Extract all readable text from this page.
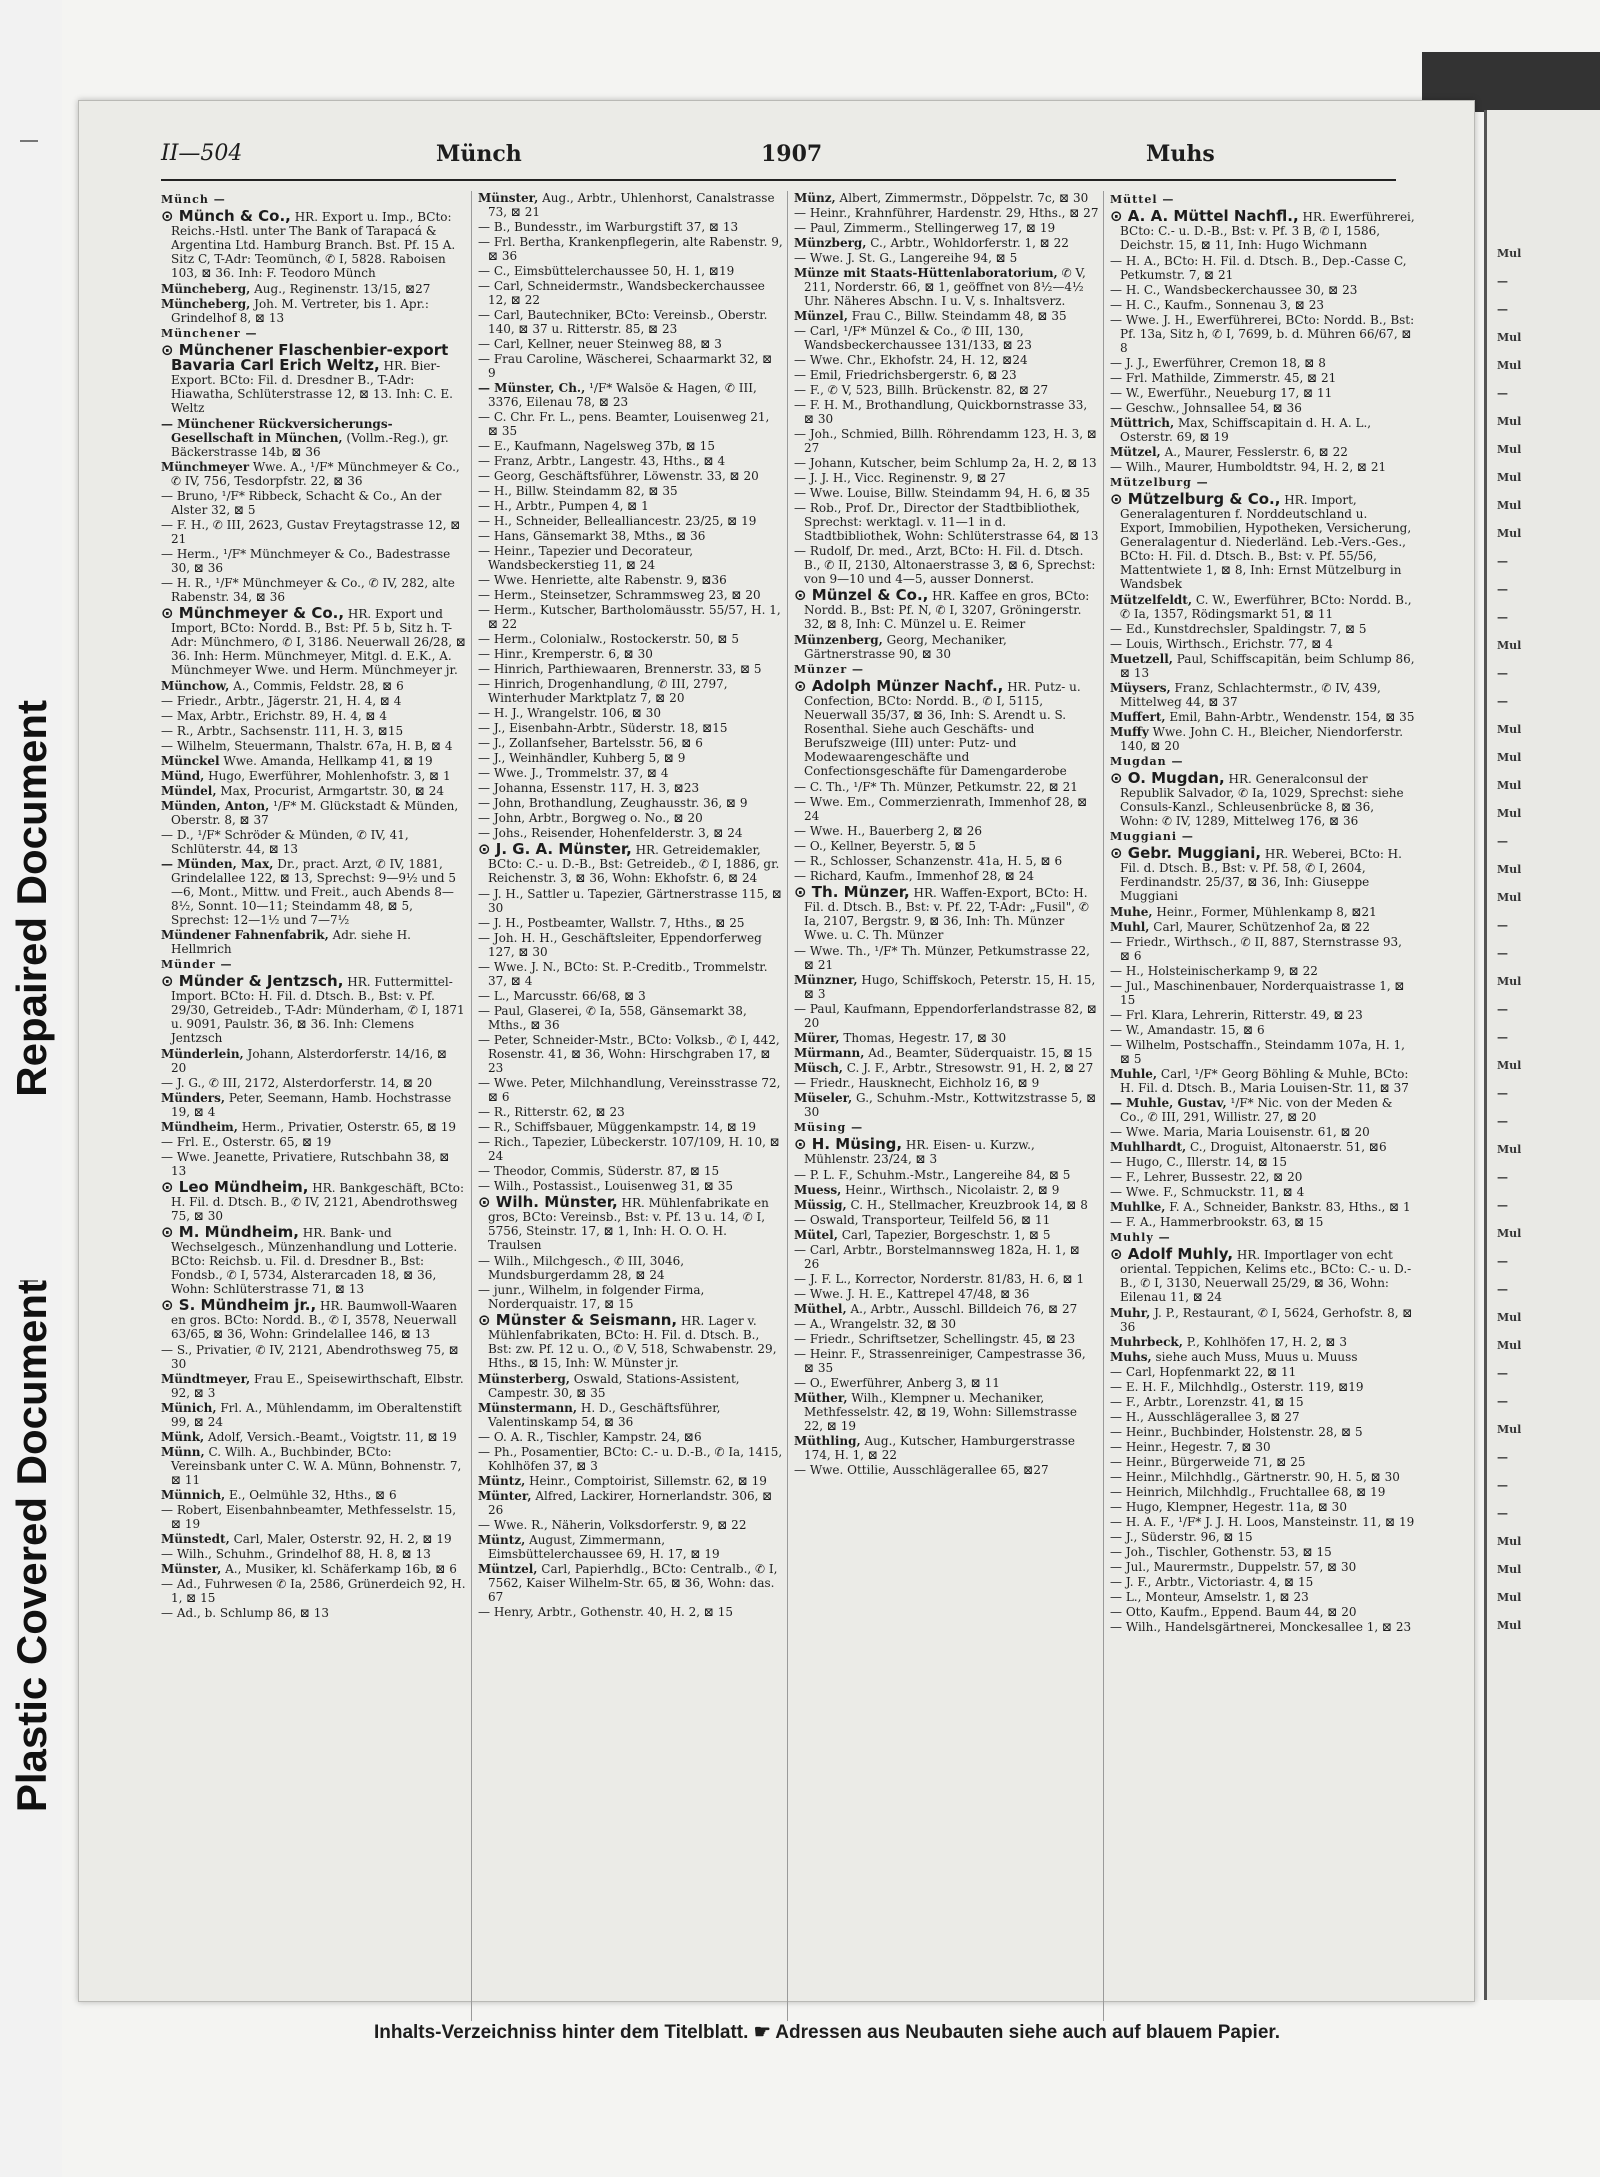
Repaired Document
Plastic Covered Document
II—504	Münch	1907	Muhs
Münch —
⊙ Münch & Co., HR. Export u. Imp., BCto: Reichs.-Hstl. unter The Bank of Tarapacá & Argentina Ltd. Hamburg Branch. Bst. Pf. 15 A. Sitz C, T-Adr: Teomünch, ✆ I, 5828. Raboisen 103, ⊠ 36. Inh: F. Teodoro Münch
Müncheberg, Aug., Reginenstr. 13/15, ⊠27
Müncheberg, Joh. M. Vertreter, bis 1. Apr.: Grindelhof 8, ⊠ 13
Münchener —
⊙ Münchener Flaschenbier-export Bavaria Carl Erich Weltz, HR. Bier-Export. BCto: Fil. d. Dresdner B., T-Adr: Hiawatha, Schlüterstrasse 12, ⊠ 13. Inh: C. E. Weltz
— Münchener Rückversicherungs-Gesellschaft in München, (Vollm.-Reg.), gr. Bäckerstrasse 14b, ⊠ 36
Münchmeyer Wwe. A., ¹/F* Münchmeyer & Co., ✆ IV, 756, Tesdorpfstr. 22, ⊠ 36
— Bruno, ¹/F* Ribbeck, Schacht & Co., An der Alster 32, ⊠ 5
— F. H., ✆ III, 2623, Gustav Freytagstrasse 12, ⊠ 21
— Herm., ¹/F* Münchmeyer & Co., Badestrasse 30, ⊠ 36
— H. R., ¹/F* Münchmeyer & Co., ✆ IV, 282, alte Rabenstr. 34, ⊠ 36
⊙ Münchmeyer & Co., HR. Export und Import, BCto: Nordd. B., Bst: Pf. 5 b, Sitz h. T-Adr: Münchmero, ✆ I, 3186. Neuerwall 26/28, ⊠ 36. Inh: Herm. Münchmeyer, Mitgl. d. E.K., A. Münchmeyer Wwe. und Herm. Münchmeyer jr.
Münchow, A., Commis, Feldstr. 28, ⊠ 6
— Friedr., Arbtr., Jägerstr. 21, H. 4, ⊠ 4
— Max, Arbtr., Erichstr. 89, H. 4, ⊠ 4
— R., Arbtr., Sachsenstr. 111, H. 3, ⊠15
— Wilhelm, Steuermann, Thalstr. 67a, H. B, ⊠ 4
Münckel Wwe. Amanda, Hellkamp 41, ⊠ 19
Münd, Hugo, Ewerführer, Mohlenhofstr. 3, ⊠ 1
Mündel, Max, Procurist, Armgartstr. 30, ⊠ 24
Münden, Anton, ¹/F* M. Glückstadt & Münden, Oberstr. 8, ⊠ 37
— D., ¹/F* Schröder & Münden, ✆ IV, 41, Schlüterstr. 44, ⊠ 13
— Münden, Max, Dr., pract. Arzt, ✆ IV, 1881, Grindelallee 122, ⊠ 13, Sprechst: 9—9½ und 5—6, Mont., Mittw. und Freit., auch Abends 8—8½, Sonnt. 10—11; Steindamm 48, ⊠ 5, Sprechst: 12—1½ und 7—7½
Mündener Fahnenfabrik, Adr. siehe H. Hellmrich
Münder —
⊙ Münder & Jentzsch, HR. Futtermittel-Import. BCto: H. Fil. d. Dtsch. B., Bst: v. Pf. 29/30, Getreidеb., T-Adr: Münderham, ✆ I, 1871 u. 9091, Paulstr. 36, ⊠ 36. Inh: Clemens Jentzsch
Münderlein, Johann, Alsterdorferstr. 14/16, ⊠ 20
— J. G., ✆ III, 2172, Alsterdorferstr. 14, ⊠ 20
Münders, Peter, Seemann, Hamb. Hochstrasse 19, ⊠ 4
Mündheim, Herm., Privatier, Osterstr. 65, ⊠ 19
— Frl. E., Osterstr. 65, ⊠ 19
— Wwe. Jeanette, Privatiere, Rutschbahn 38, ⊠ 13
⊙ Leo Mündheim, HR. Bankgeschäft, BCto: H. Fil. d. Dtsch. B., ✆ IV, 2121, Abendrothsweg 75, ⊠ 30
⊙ M. Mündheim, HR. Bank- und Wechselgesch., Münzenhandlung und Lotterie. BCto: Reichsb. u. Fil. d. Dresdner B., Bst: Fondsb., ✆ I, 5734, Alsterarcaden 18, ⊠ 36, Wohn: Schlüterstrasse 71, ⊠ 13
⊙ S. Mündheim jr., HR. Baumwoll-Waaren en gros. BCto: Nordd. B., ✆ I, 3578, Neuerwall 63/65, ⊠ 36, Wohn: Grindelallee 146, ⊠ 13
— S., Privatier, ✆ IV, 2121, Abendrothsweg 75, ⊠ 30
Mündtmeyer, Frau E., Speisewirthschaft, Elbstr. 92, ⊠ 3
Münich, Frl. A., Mühlendamm, im Oberaltenstift 99, ⊠ 24
Münk, Adolf, Versich.-Beamt., Voigtstr. 11, ⊠ 19
Münn, C. Wilh. A., Buchbinder, BCto: Vereinsbank unter C. W. A. Münn, Bohnenstr. 7, ⊠ 11
Münnich, E., Oelmühle 32, Hths., ⊠ 6
— Robert, Eisenbahnbeamter, Methfesselstr. 15, ⊠ 19
Münstedt, Carl, Maler, Osterstr. 92, H. 2, ⊠ 19
— Wilh., Schuhm., Grindelhof 88, H. 8, ⊠ 13
Münster, A., Musiker, kl. Schäferkamp 16b, ⊠ 6
— Ad., Fuhrwesen ✆ Ia, 2586, Grünerdeich 92, H. 1, ⊠ 15
— Ad., b. Schlump 86, ⊠ 13
Münster, Aug., Arbtr., Uhlenhorst, Canalstrasse 73, ⊠ 21
— B., Bundesstr., im Warburgstift 37, ⊠ 13
— Frl. Bertha, Krankenpflegerin, alte Rabenstr. 9, ⊠ 36
— C., Eimsbüttelerchaussee 50, H. 1, ⊠19
— Carl, Schneidermstr., Wandsbeckerchaussee 12, ⊠ 22
— Carl, Bautechniker, BCto: Vereinsb., Oberstr. 140, ⊠ 37 u. Ritterstr. 85, ⊠ 23
— Carl, Kellner, neuer Steinweg 88, ⊠ 3
— Frau Caroline, Wäscherei, Schaarmarkt 32, ⊠ 9
— Münster, Ch., ¹/F* Walsöe & Hagen, ✆ III, 3376, Eilenau 78, ⊠ 23
— C. Chr. Fr. L., pens. Beamter, Louisenweg 21, ⊠ 35
— E., Kaufmann, Nagelsweg 37b, ⊠ 15
— Franz, Arbtr., Langestr. 43, Hths., ⊠ 4
— Georg, Geschäftsführer, Löwenstr. 33, ⊠ 20
— H., Billw. Steindamm 82, ⊠ 35
— H., Arbtr., Pumpen 4, ⊠ 1
— H., Schneider, Bellealliancestr. 23/25, ⊠ 19
— Hans, Gänsemarkt 38, Mths., ⊠ 36
— Heinr., Tapezier und Decorateur, Wandsbeckerstieg 11, ⊠ 24
— Wwe. Henriette, alte Rabenstr. 9, ⊠36
— Herm., Steinsetzer, Schrammsweg 23, ⊠ 20
— Herm., Kutscher, Bartholomäusstr. 55/57, H. 1, ⊠ 22
— Herm., Colonialw., Rostockerstr. 50, ⊠ 5
— Hinr., Kremperstr. 6, ⊠ 30
— Hinrich, Parthiewaaren, Brennerstr. 33, ⊠ 5
— Hinrich, Drogenhandlung, ✆ III, 2797, Winterhuder Marktplatz 7, ⊠ 20
— H. J., Wrangelstr. 106, ⊠ 30
— J., Eisenbahn-Arbtr., Süderstr. 18, ⊠15
— J., Zollanfseher, Bartelsstr. 56, ⊠ 6
— J., Weinhändler, Kuhberg 5, ⊠ 9
— Wwe. J., Trommelstr. 37, ⊠ 4
— Johanna, Essenstr. 117, H. 3, ⊠23
— John, Brothandlung, Zeughausstr. 36, ⊠ 9
— John, Arbtr., Borgweg o. No., ⊠ 20
— Johs., Reisender, Hohenfelderstr. 3, ⊠ 24
⊙ J. G. A. Münster, HR. Getreidemakler, BCto: C.- u. D.-B., Bst: Getreideb., ✆ I, 1886, gr. Reichenstr. 3, ⊠ 36, Wohn: Ekhofstr. 6, ⊠ 24
— J. H., Sattler u. Tapezier, Gärtnerstrasse 115, ⊠ 30
— J. H., Postbeamter, Wallstr. 7, Hths., ⊠ 25
— Joh. H. H., Geschäftsleiter, Eppendorferweg 127, ⊠ 30
— Wwe. J. N., BCto: St. P.-Creditb., Trommelstr. 37, ⊠ 4
— L., Marcusstr. 66/68, ⊠ 3
— Paul, Glaserei, ✆ Ia, 558, Gänsemarkt 38, Mths., ⊠ 36
— Peter, Schneider-Mstr., BCto: Volksb., ✆ I, 442, Rosenstr. 41, ⊠ 36, Wohn: Hirschgraben 17, ⊠ 23
— Wwe. Peter, Milchhandlung, Vereinsstrasse 72, ⊠ 6
— R., Ritterstr. 62, ⊠ 23
— R., Schiffsbauer, Müggenkampstr. 14, ⊠ 19
— Rich., Tapezier, Lübeckerstr. 107/109, H. 10, ⊠ 24
— Theodor, Commis, Süderstr. 87, ⊠ 15
— Wilh., Postassist., Louisenweg 31, ⊠ 35
⊙ Wilh. Münster, HR. Mühlenfabrikate en gros, BCto: Vereinsb., Bst: v. Pf. 13 u. 14, ✆ I, 5756, Steinstr. 17, ⊠ 1, Inh: H. O. O. H. Traulsen
— Wilh., Milchgesch., ✆ III, 3046, Mundsburgerdamm 28, ⊠ 24
— junr., Wilhelm, in folgender Firma, Norderquaistr. 17, ⊠ 15
⊙ Münster & Seismann, HR. Lager v. Mühlenfabrikaten, BCto: H. Fil. d. Dtsch. B., Bst: zw. Pf. 12 u. O., ✆ V, 518, Schwabenstr. 29, Hths., ⊠ 15, Inh: W. Münster jr.
Münsterberg, Oswald, Stations-Assistent, Campestr. 30, ⊠ 35
Münstermann, H. D., Geschäftsführer, Valentinskamp 54, ⊠ 36
— O. A. R., Tischler, Kampstr. 24, ⊠6
— Ph., Posamentier, BCto: C.- u. D.-B., ✆ Ia, 1415, Kohlhöfen 37, ⊠ 3
Müntz, Heinr., Comptoirist, Sillemstr. 62, ⊠ 19
Münter, Alfred, Lackirer, Hornerlandstr. 306, ⊠ 26
— Wwe. R., Näherin, Volksdorferstr. 9, ⊠ 22
Müntz, August, Zimmermann, Eimsbüttelerchaussee 69, H. 17, ⊠ 19
Müntzel, Carl, Papierhdlg., BCto: Centralb., ✆ I, 7562, Kaiser Wilhelm-Str. 65, ⊠ 36, Wohn: das. 67
— Henry, Arbtr., Gothenstr. 40, H. 2, ⊠ 15
Münz, Albert, Zimmermstr., Döppelstr. 7c, ⊠ 30
— Heinr., Krahnführer, Hardenstr. 29, Hths., ⊠ 27
— Paul, Zimmerm., Stellingerweg 17, ⊠ 19
Münzberg, C., Arbtr., Wohldorferstr. 1, ⊠ 22
— Wwe. J. St. G., Langereihe 94, ⊠ 5
Münze mit Staats-Hüttenlaboratorium, ✆ V, 211, Norderstr. 66, ⊠ 1, geöffnet von 8½—4½ Uhr. Näheres Abschn. I u. V, s. Inhaltsverz.
Münzel, Frau C., Billw. Steindamm 48, ⊠ 35
— Carl, ¹/F* Münzel & Co., ✆ III, 130, Wandsbeckerchaussee 131/133, ⊠ 23
— Wwe. Chr., Ekhofstr. 24, H. 12, ⊠24
— Emil, Friedrichsbergerstr. 6, ⊠ 23
— F., ✆ V, 523, Billh. Brückenstr. 82, ⊠ 27
— F. H. M., Brothandlung, Quickbornstrasse 33, ⊠ 30
— Joh., Schmied, Billh. Röhrendamm 123, H. 3, ⊠ 27
— Johann, Kutscher, beim Schlump 2a, H. 2, ⊠ 13
— J. J. H., Vicc. Reginenstr. 9, ⊠ 27
— Wwe. Louise, Billw. Steindamm 94, H. 6, ⊠ 35
— Rob., Prof. Dr., Director der Stadtbibliothek, Sprechst: werktagl. v. 11—1 in d. Stadtbibliothek, Wohn: Schlüterstrasse 64, ⊠ 13
— Rudolf, Dr. med., Arzt, BCto: H. Fil. d. Dtsch. B., ✆ II, 2130, Altonaerstrasse 3, ⊠ 6, Sprechst: von 9—10 und 4—5, ausser Donnerst.
⊙ Münzel & Co., HR. Kaffee en gros, BCto: Nordd. B., Bst: Pf. N, ✆ I, 3207, Gröningerstr. 32, ⊠ 8, Inh: C. Münzel u. E. Reimer
Münzenberg, Georg, Mechaniker, Gärtnerstrasse 90, ⊠ 30
Münzer —
⊙ Adolph Münzer Nachf., HR. Putz- u. Confection, BCto: Nordd. B., ✆ I, 5115, Neuerwall 35/37, ⊠ 36, Inh: S. Arendt u. S. Rosenthal. Siehe auch Geschäfts- und Berufszweige (III) unter: Putz- und Modewaarengeschäfte und Confectionsgeschäfte für Damengarderobe
— C. Th., ¹/F* Th. Münzer, Petkumstr. 22, ⊠ 21
— Wwe. Em., Commerzienrath, Immenhof 28, ⊠ 24
— Wwe. H., Bauerberg 2, ⊠ 26
— O., Kellner, Beyerstr. 5, ⊠ 5
— R., Schlosser, Schanzenstr. 41a, H. 5, ⊠ 6
— Richard, Kaufm., Immenhof 28, ⊠ 24
⊙ Th. Münzer, HR. Waffen-Export, BCto: H. Fil. d. Dtsch. B., Bst: v. Pf. 22, T-Adr: „Fusil", ✆ Ia, 2107, Bergstr. 9, ⊠ 36, Inh: Th. Münzer Wwe. u. C. Th. Münzer
— Wwe. Th., ¹/F* Th. Münzer, Petkumstrasse 22, ⊠ 21
Münzner, Hugo, Schiffskoch, Peterstr. 15, H. 15, ⊠ 3
— Paul, Kaufmann, Eppendorferlandstrasse 82, ⊠ 20
Mürer, Thomas, Hegestr. 17, ⊠ 30
Mürmann, Ad., Beamter, Süderquaistr. 15, ⊠ 15
Müsch, C. J. F., Arbtr., Stresowstr. 91, H. 2, ⊠ 27
— Friedr., Hausknecht, Eichholz 16, ⊠ 9
Müseler, G., Schuhm.-Mstr., Kottwitzstrasse 5, ⊠ 30
Müsing —
⊙ H. Müsing, HR. Eisen- u. Kurzw., Mühlenstr. 23/24, ⊠ 3
— P. L. F., Schuhm.-Mstr., Langereihe 84, ⊠ 5
Muess, Heinr., Wirthsch., Nicolaistr. 2, ⊠ 9
Müssig, C. H., Stellmacher, Kreuzbrook 14, ⊠ 8
— Oswald, Transporteur, Teilfeld 56, ⊠ 11
Mütel, Carl, Tapezier, Borgeschstr. 1, ⊠ 5
— Carl, Arbtr., Borstelmannsweg 182a, H. 1, ⊠ 26
— J. F. L., Korrector, Norderstr. 81/83, H. 6, ⊠ 1
— Wwe. J. H. E., Kattrepel 47/48, ⊠ 36
Müthel, A., Arbtr., Ausschl. Billdeich 76, ⊠ 27
— A., Wrangelstr. 32, ⊠ 30
— Friedr., Schriftsetzer, Schellingstr. 45, ⊠ 23
— Heinr. F., Strassenreiniger, Campestrasse 36, ⊠ 35
— O., Ewerführer, Anberg 3, ⊠ 11
Müther, Wilh., Klempner u. Mechaniker, Methfesselstr. 42, ⊠ 19, Wohn: Sillemstrasse 22, ⊠ 19
Müthling, Aug., Kutscher, Hamburgerstrasse 174, H. 1, ⊠ 22
— Wwe. Ottilie, Ausschlägerallee 65, ⊠27
Müttel —
⊙ A. A. Müttel Nachfl., HR. Ewerführerei, BCto: C.- u. D.-B., Bst: v. Pf. 3 B, ✆ I, 1586, Deichstr. 15, ⊠ 11, Inh: Hugo Wichmann
— H. A., BCto: H. Fil. d. Dtsch. B., Dep.-Casse C, Petkumstr. 7, ⊠ 21
— H. C., Wandsbeckerchaussee 30, ⊠ 23
— H. C., Kaufm., Sonnenau 3, ⊠ 23
— Wwe. J. H., Ewerführerei, BCto: Nordd. B., Bst: Pf. 13a, Sitz h, ✆ I, 7699, b. d. Mühren 66/67, ⊠ 8
— J. J., Ewerführer, Cremon 18, ⊠ 8
— Frl. Mathilde, Zimmerstr. 45, ⊠ 21
— W., Ewerführ., Neueburg 17, ⊠ 11
— Geschw., Johnsallee 54, ⊠ 36
Müttrich, Max, Schiffscapitain d. H. A. L., Osterstr. 69, ⊠ 19
Mützel, A., Maurer, Fesslerstr. 6, ⊠ 22
— Wilh., Maurer, Humboldtstr. 94, H. 2, ⊠ 21
Mützelburg —
⊙ Mützelburg & Co., HR. Import, Generalagenturen f. Norddeutschland u. Export, Immobilien, Hypotheken, Versicherung, Generalagentur d. Niederländ. Leb.-Vers.-Ges., BCto: H. Fil. d. Dtsch. B., Bst: v. Pf. 55/56, Mattentwiete 1, ⊠ 8, Inh: Ernst Mützelburg in Wandsbek
Mützelfeldt, C. W., Ewerführer, BCto: Nordd. B., ✆ Ia, 1357, Rödingsmarkt 51, ⊠ 11
— Ed., Kunstdrechsler, Spaldingstr. 7, ⊠ 5
— Louis, Wirthsch., Erichstr. 77, ⊠ 4
Muetzell, Paul, Schiffscapitän, beim Schlump 86, ⊠ 13
Müysers, Franz, Schlachtermstr., ✆ IV, 439, Mittelweg 44, ⊠ 37
Muffert, Emil, Bahn-Arbtr., Wendenstr. 154, ⊠ 35
Muffy Wwe. John C. H., Bleicher, Niendorferstr. 140, ⊠ 20
Mugdan —
⊙ O. Mugdan, HR. Generalconsul der Republik Salvador, ✆ Ia, 1029, Sprechst: siehe Consuls-Kanzl., Schleusenbrücke 8, ⊠ 36, Wohn: ✆ IV, 1289, Mittelweg 176, ⊠ 36
Muggiani —
⊙ Gebr. Muggiani, HR. Weberei, BCto: H. Fil. d. Dtsch. B., Bst: v. Pf. 58, ✆ I, 2604, Ferdinandstr. 25/37, ⊠ 36, Inh: Giuseppe Muggiani
Muhe, Heinr., Former, Mühlenkamp 8, ⊠21
Muhl, Carl, Maurer, Schützenhof 2a, ⊠ 22
— Friedr., Wirthsch., ✆ II, 887, Sternstrasse 93, ⊠ 6
— H., Holsteinischerkamp 9, ⊠ 22
— Jul., Maschinenbauer, Norderquaistrasse 1, ⊠ 15
— Frl. Klara, Lehrerin, Ritterstr. 49, ⊠ 23
— W., Amandastr. 15, ⊠ 6
— Wilhelm, Postschaffn., Steindamm 107a, H. 1, ⊠ 5
Muhle, Carl, ¹/F* Georg Böhling & Muhle, BCto: H. Fil. d. Dtsch. B., Maria Louisen-Str. 11, ⊠ 37
— Muhle, Gustav, ¹/F* Nic. von der Meden & Co., ✆ III, 291, Willistr. 27, ⊠ 20
— Wwe. Maria, Maria Louisenstr. 61, ⊠ 20
Muhlhardt, C., Droguist, Altonaerstr. 51, ⊠6
— Hugo, C., Illerstr. 14, ⊠ 15
— F., Lehrer, Bussestr. 22, ⊠ 20
— Wwe. F., Schmuckstr. 11, ⊠ 4
Muhlke, F. A., Schneider, Bankstr. 83, Hths., ⊠ 1
— F. A., Hammerbrookstr. 63, ⊠ 15
Muhly —
⊙ Adolf Muhly, HR. Importlager von echt oriental. Teppichen, Kelims etc., BCto: C.- u. D.-B., ✆ I, 3130, Neuerwall 25/29, ⊠ 36, Wohn: Eilenau 11, ⊠ 24
Muhr, J. P., Restaurant, ✆ I, 5624, Gerhofstr. 8, ⊠ 36
Muhrbeck, P., Kohlhöfen 17, H. 2, ⊠ 3
Muhs, siehe auch Muss, Muus u. Muuss
— Carl, Hopfenmarkt 22, ⊠ 11
— E. H. F., Milchhdlg., Osterstr. 119, ⊠19
— F., Arbtr., Lorenzstr. 41, ⊠ 15
— H., Ausschlägerallee 3, ⊠ 27
— Heinr., Buchbinder, Holstenstr. 28, ⊠ 5
— Heinr., Hegestr. 7, ⊠ 30
— Heinr., Bürgerweide 71, ⊠ 25
— Heinr., Milchhdlg., Gärtnerstr. 90, H. 5, ⊠ 30
— Heinrich, Milchhdlg., Fruchtallee 68, ⊠ 19
— Hugo, Klempner, Hegestr. 11a, ⊠ 30
— H. A. F., ¹/F* J. J. H. Loos, Mansteinstr. 11, ⊠ 19
— J., Süderstr. 96, ⊠ 15
— Joh., Tischler, Gothenstr. 53, ⊠ 15
— Jul., Maurermstr., Duppelstr. 57, ⊠ 30
— J. F., Arbtr., Victoriastr. 4, ⊠ 15
— L., Monteur, Amselstr. 1, ⊠ 23
— Otto, Kaufm., Eppend. Baum 44, ⊠ 20
— Wilh., Handelsgärtnerei, Monckesallee 1, ⊠ 23
Inhalts-Verzeichniss hinter dem Titelblatt. ☛ Adressen aus Neubauten siehe auch auf blauem Papier.
Mul
—
—
Mul
Mul
—
Mul
Mul
Mul
Mul
Mul
—
—
—
Mul
—
—
Mul
Mul
Mul
Mul
—
Mul
Mul
—
—
Mul
—
—
Mul
—
—
Mul
—
—
Mul
—
—
Mul
Mul
—
—
Mul
—
—
—
Mul
Mul
Mul
Mul
